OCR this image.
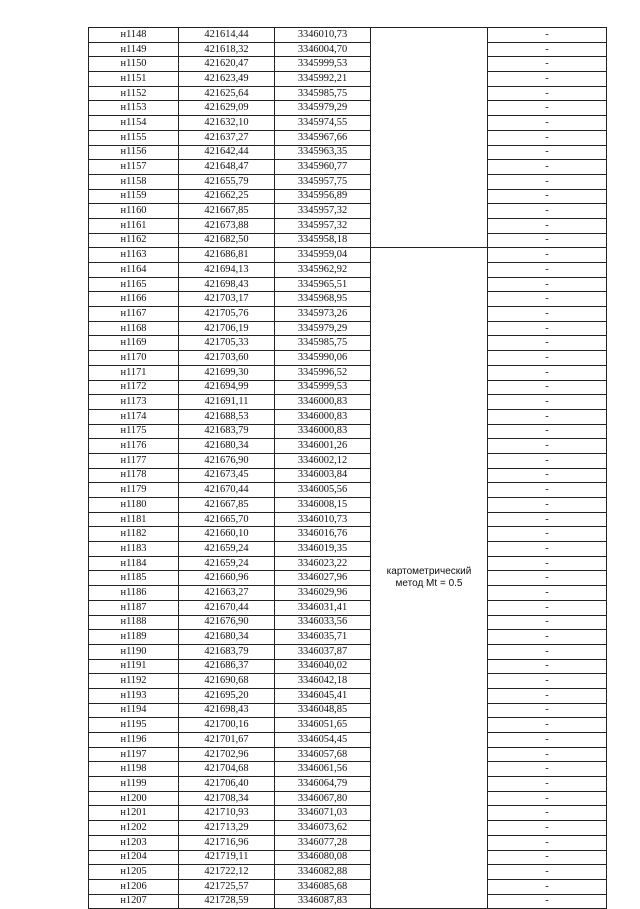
н1148	421614,44	3346010,73		-
н1149	421618,32	3346004,70		-
н1150	421620,47	3345999,53		-
н1151	421623,49	3345992,21		-
н1152	421625,64	3345985,75		-
н1153	421629,09	3345979,29		-
н1154	421632,10	3345974,55		-
н1155	421637,27	3345967,66		-
н1156	421642,44	3345963,35		-
н1157	421648,47	3345960,77		-
н1158	421655,79	3345957,75		-
н1159	421662,25	3345956,89		-
н1160	421667,85	3345957,32		-
н1161	421673,88	3345957,32		-
н1162	421682,50	3345958,18		-
н1163	421686,81	3345959,04	картометрический метод Mt = 0.5	-
н1164	421694,13	3345962,92		-
н1165	421698,43	3345965,51		-
н1166	421703,17	3345968,95		-
н1167	421705,76	3345973,26		-
н1168	421706,19	3345979,29		-
н1169	421705,33	3345985,75		-
н1170	421703,60	3345990,06		-
н1171	421699,30	3345996,52		-
н1172	421694,99	3345999,53		-
н1173	421691,11	3346000,83		-
н1174	421688,53	3346000,83		-
н1175	421683,79	3346000,83		-
н1176	421680,34	3346001,26		-
н1177	421676,90	3346002,12		-
н1178	421673,45	3346003,84		-
н1179	421670,44	3346005,56		-
н1180	421667,85	3346008,15		-
н1181	421665,70	3346010,73		-
н1182	421660,10	3346016,76		-
н1183	421659,24	3346019,35		-
н1184	421659,24	3346023,22		-
н1185	421660,96	3346027,96		-
н1186	421663,27	3346029,96		-
н1187	421670,44	3346031,41		-
н1188	421676,90	3346033,56		-
н1189	421680,34	3346035,71		-
н1190	421683,79	3346037,87		-
н1191	421686,37	3346040,02		-
н1192	421690,68	3346042,18		-
н1193	421695,20	3346045,41		-
н1194	421698,43	3346048,85		-
н1195	421700,16	3346051,65		-
н1196	421701,67	3346054,45		-
н1197	421702,96	3346057,68		-
н1198	421704,68	3346061,56		-
н1199	421706,40	3346064,79		-
н1200	421708,34	3346067,80		-
н1201	421710,93	3346071,03		-
н1202	421713,29	3346073,62		-
н1203	421716,96	3346077,28		-
н1204	421719,11	3346080,08		-
н1205	421722,12	3346082,88		-
н1206	421725,57	3346085,68		-
н1207	421728,59	3346087,83		-
